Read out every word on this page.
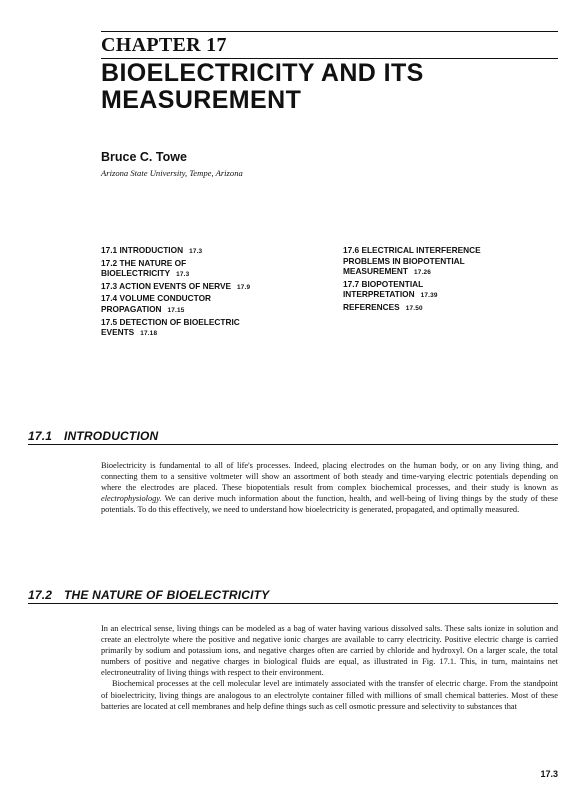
CHAPTER 17
BIOELECTRICITY AND ITS MEASUREMENT
Bruce C. Towe
Arizona State University, Tempe, Arizona
17.1 INTRODUCTION 17.3
17.2 THE NATURE OF
BIOELECTRICITY 17.3
17.3 ACTION EVENTS OF NERVE 17.9
17.4 VOLUME CONDUCTOR
PROPAGATION 17.15
17.5 DETECTION OF BIOELECTRIC
EVENTS 17.18
17.6 ELECTRICAL INTERFERENCE
PROBLEMS IN BIOPOTENTIAL
MEASUREMENT 17.26
17.7 BIOPOTENTIAL
INTERPRETATION 17.39
REFERENCES 17.50
17.1 INTRODUCTION

Bioelectricity is fundamental to all of life's processes. Indeed, placing electrodes on the human body, or on any living thing, and connecting them to a sensitive voltmeter will show an assortment of both steady and time-varying electric potentials depending on where the electrodes are placed. These biopotentials result from complex biochemical processes, and their study is known as electrophysiology. We can derive much information about the function, health, and well-being of living things by the study of these potentials. To do this effectively, we need to understand how bioelectricity is generated, propagated, and optimally measured.

17.2 THE NATURE OF BIOELECTRICITY

In an electrical sense, living things can be modeled as a bag of water having various dissolved salts. These salts ionize in solution and create an electrolyte where the positive and negative ionic charges are available to carry electricity. Positive electric charge is carried primarily by sodium and potassium ions, and negative charges often are carried by chloride and hydroxyl. On a larger scale, the total numbers of positive and negative charges in biological fluids are equal, as illustrated in Fig. 17.1. This, in turn, maintains net electroneutrality of living things with respect to their environment.

Biochemical processes at the cell molecular level are intimately associated with the transfer of electric charge. From the standpoint of bioelectricity, living things are analogous to an electrolyte container filled with millions of small chemical batteries. Most of these batteries are located at cell membranes and help define things such as cell osmotic pressure and selectivity to substances that

17.3
